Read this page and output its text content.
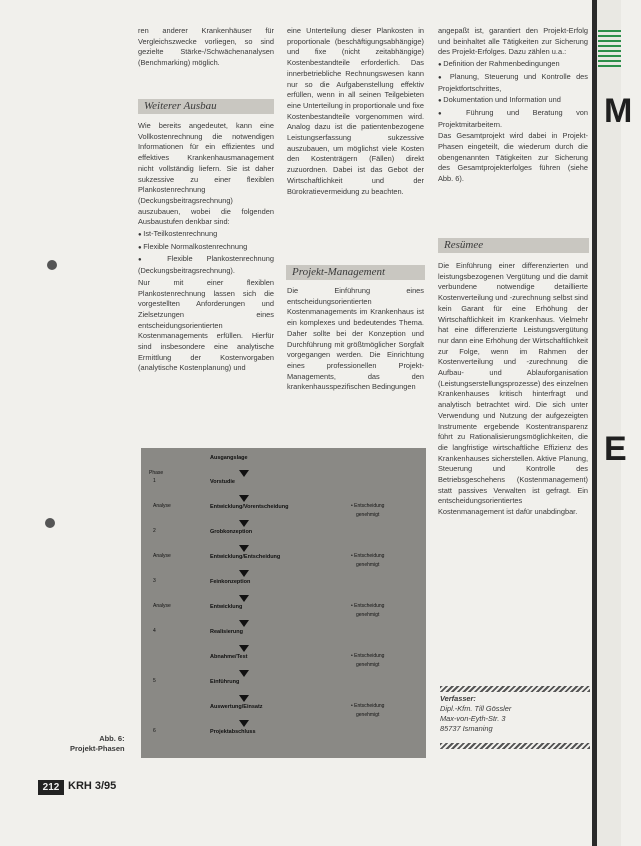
M
E

ren anderer Krankenhäuser für Vergleichszwecke vorliegen, so sind gezielte Stärke-/Schwächenanalysen (Benchmarking) möglich.

Weiterer Ausbau

Wie bereits angedeutet, kann eine Vollkostenrechnung die notwendigen Informationen für ein effizientes und effektives Krankenhausmanagement nicht vollständig liefern. Sie ist daher sukzessive zu einer flexiblen Plankostenrechnung (Deckungsbeitragsrechnung) auszubauen, wobei die folgenden Ausbaustufen denkbar sind:

● Ist-Teilkostenrechnung

● Flexible Normalkostenrechnung

● Flexible Plankostenrechnung (Deckungsbeitragsrechnung).

Nur mit einer flexiblen Plankostenrechnung lassen sich die vorgestellten Anforderungen und Zielsetzungen eines entscheidungsorientierten Kostenmanagements erfüllen. Hierfür sind insbesondere eine analytische Ermittlung der Kostenvorgaben (analytische Kostenplanung) und

eine Unterteilung dieser Plankosten in proportionale (beschäftigungsabhängige) und fixe (nicht zeitabhängige) Kostenbestandteile erforderlich. Das innerbetriebliche Rechnungswesen kann nur so die Aufgabenstellung effektiv erfüllen, wenn in all seinen Teilgebieten eine Unterteilung in proportionale und fixe Kostenbestandteile vorgenommen wird. Analog dazu ist die patientenbezogene Leistungserfassung sukzessive auszubauen, um möglichst viele Kosten den Kostenträgern (Fällen) direkt zuzuordnen. Dabei ist das Gebot der Wirtschaftlichkeit und der Bürokratievermeidung zu beachten.

Projekt-Management

Die Einführung eines entscheidungsorientierten Kostenmanagements im Krankenhaus ist ein komplexes und bedeutendes Thema. Daher sollte bei der Konzeption und Durchführung mit größtmöglicher Sorgfalt vorgegangen werden. Die Einrichtung eines professionellen Projekt-Managements, das den krankenhausspezifischen Bedingungen

angepaßt ist, garantiert den Projekt-Erfolg und beinhaltet alle Tätigkeiten zur Sicherung des Projekt-Erfolges. Dazu zählen u.a.:

● Definition der Rahmenbedingungen

● Planung, Steuerung und Kontrolle des Projektfortschrittes,

● Dokumentation und Information und

● Führung und Beratung von Projektmitarbeitern.

Das Gesamtprojekt wird dabei in Projekt-Phasen eingeteilt, die wiederum durch die obengenannten Tätigkeiten zur Sicherung des Gesamtprojekterfolges führen (siehe Abb. 6).

Resümee

Die Einführung einer differenzierten und leistungsbezogenen Vergütung und die damit verbundene notwendige detaillierte Kostenverteilung und -zurechnung selbst sind kein Garant für eine Erhöhung der Wirtschaftlichkeit im Krankenhaus. Vielmehr hat eine differenzierte Leistungsvergütung nur dann eine Erhöhung der Wirtschaftlichkeit zur Folge, wenn im Rahmen der Kostenverteilung und -zurechnung die Aufbau- und Ablauforganisation (Leistungserstellungsprozesse) des einzelnen Krankenhauses kritisch hinterfragt und analytisch betrachtet wird. Die sich unter Verwendung und Nutzung der aufgezeigten Instrumente ergebende Kostentransparenz führt zu Rationalisierungsmöglichkeiten, die die langfristige wirtschaftliche Effizienz des Krankenhauses sicherstellen. Aktive Planung, Steuerung und Kontrolle des Betriebsgeschehens (Kostenmanagement) statt passives Verwalten ist gefragt. Ein entscheidungsorientiertes Kostenmanagement ist dafür unabdingbar.

Verfasser:
Dipl.-Kfm. Till Gössler
Max-von-Eyth-Str. 3
85737 Ismaning
Ausgangslage
Phase
1	Vorstudie
Analyse	Entwicklung/Vorentscheidung	• Entscheidung
genehmigt
2	Grobkonzeption
Analyse	Entwicklung/Entscheidung	• Entscheidung
genehmigt
3	Feinkonzeption
Analyse	Entwicklung	• Entscheidung
genehmigt
4	Realisierung
Abnahme/Test	• Entscheidung
genehmigt
5	Einführung
Auswertung/Einsatz	• Entscheidung
genehmigt
6	Projektabschluss
Abb. 6:
Projekt-Phasen
212 KRH 3/95
